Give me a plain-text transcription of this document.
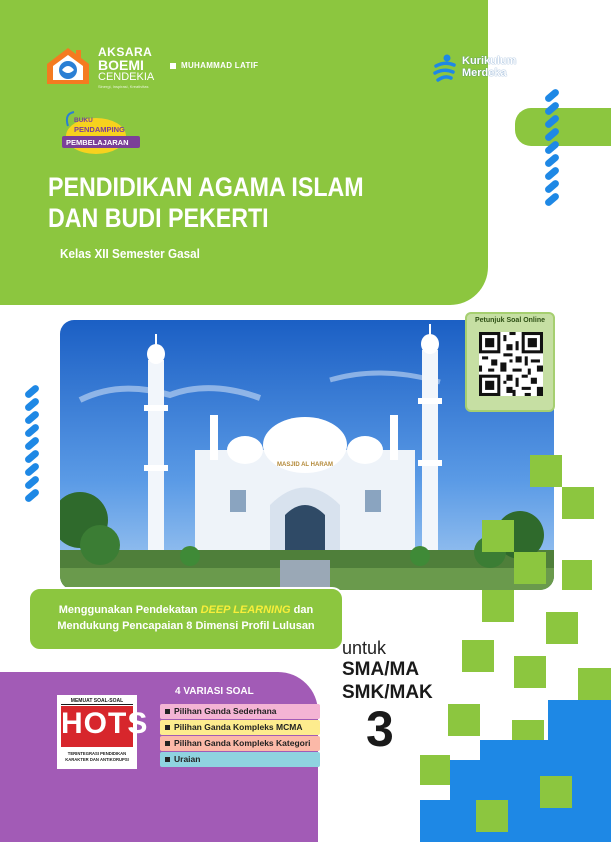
AKSARA
BOEMI
CENDEKIA
Sinergi, Inspirasi, Kreativitas
MUHAMMAD LATIF	Kurikulum
Merdeka
BUKU
PENDAMPING
PEMBELAJARAN
PENDIDIKAN AGAMA ISLAM
DAN BUDI PEKERTI
Kelas XII Semester Gasal
MASJID AL HARAM
Petunjuk Soal Online
Menggunakan Pendekatan DEEP LEARNING dan
Mendukung Pencapaian 8 Dimensi Profil Lulusan
MEMUAT SOAL-SOAL
HOTS
TERINTEGRASI PENDIDIKAN
KARAKTER DAN ANTIKORUPSI
4 VARIASI SOAL
Pilihan Ganda Sederhana
Pilihan Ganda Kompleks MCMA
Pilihan Ganda Kompleks Kategori
Uraian
untuk
SMA/MA
SMK/MAK
3
